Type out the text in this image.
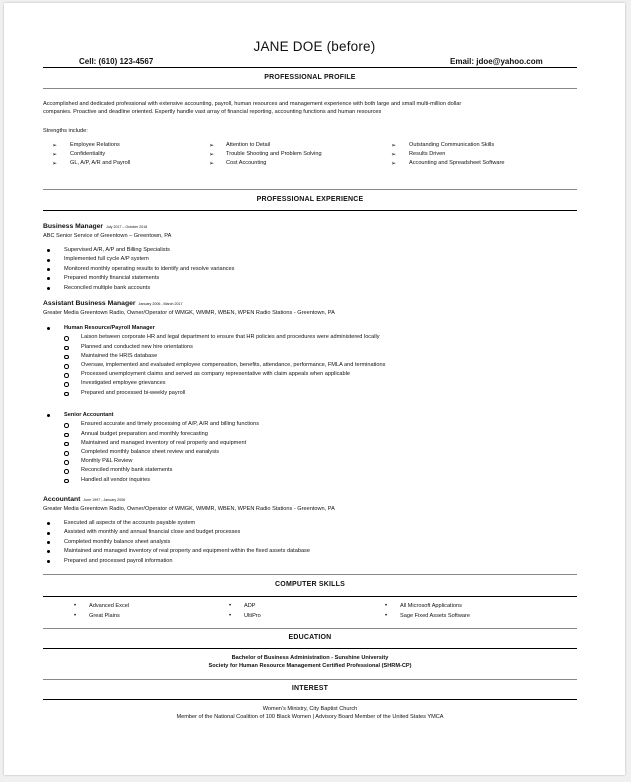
JANE DOE (before)
Cell: (610) 123-4567	Email: jdoe@yahoo.com
PROFESSIONAL PROFILE
Accomplished and dedicated professional with extensive accounting, payroll, human resources and management experience with both large and small multi-million dollar
companies. Proactive and deadline oriented. Expertly handle vast array of financial reporting, accounting functions and human resources
Strengths include:
➢ Employee Relations	➢ Attention to Detail	➢ Outstanding Communication Skills
➢ Confidentiality	➢ Trouble Shooting and Problem Solving	➢ Results Driven
➢ GL, A/P, A/R and Payroll	➢ Cost Accounting	➢ Accounting and Spreadsheet Software
PROFESSIONAL EXPERIENCE
Business Manager July 2017 – October 2018
ABC Senior Service of Greentown – Greentown, PA
Supervised A/R, A/P and Billing Specialists
Implemented full cycle A/P system
Monitored monthly operating results to identify and resolve variances
Prepared monthly financial statements
Reconciled multiple bank accounts
Assistant Business Manager January 2006 - March 2017
Greater Media Greentown Radio, Owner/Operator of WMGK, WMMR, WBEN, WPEN Radio Stations - Greentown, PA
Human Resource/Payroll Manager
Laison between corporate HR and legal department to ensure that HR policies and procedures were administered locally
Planned and conducted new hire orientations
Maintained the HRIS database
Oversaw, implemented and evaluated employee compensation, benefits, attendance, performance, FMLA and terminations
Processed unemployment claims and served as company representative with claim appeals when applicable
Investigated employee grievances
Prepared and processed bi-weekly payroll
Senior Accountant
Ensured accurate and timely processing of A/P, A/R and billing functions
Annual budget preparation and monthly forecasting
Maintained and managed inventory of real property and equipment
Completed monthly balance sheet review and eanalysis
Monthly P&L Review
Reconciled monthly bank statements
Handled all vendor inquiries
Accountant June 1997 - January 2006
Greater Media Greentown Radio, Owner/Operator of WMGK, WMMR, WBEN, WPEN Radio Stations - Greentown, PA
Executed all aspects of the accounts payable system
Assisted with monthly and annual financial close and budget processes
Completed monthly balance sheet analysis
Maintained and managed inventory of real property and equipment within the fixed assets database
Prepared and processed payroll information
COMPUTER SKILLS
• Advanced Excel	• ADP	• All Microsoft Applications
• Great Plains	• UltiPro	• Sage Fixed Assets Software
EDUCATION
Bachelor of Business Administration - Sunshine University
Society for Human Resource Management Certified Professional (SHRM-CP)
INTEREST
Women’s Ministry, City Baptist Church
Member of the National Coalition of 100 Black Women | Advisory Board Member of the United States YMCA
